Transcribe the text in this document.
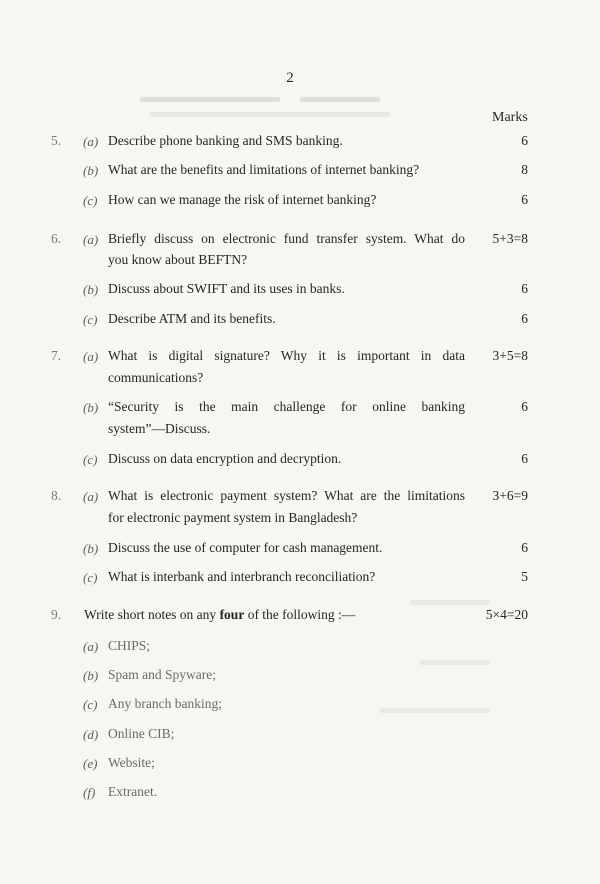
2
Marks
5. (a) Describe phone banking and SMS banking.	6
(b) What are the benefits and limitations of internet banking?	8
(c) How can we manage the risk of internet banking?	6
6. (a) Briefly discuss on electronic fund transfer system. What do
you know about BEFTN?
5+3=8
(b) Discuss about SWIFT and its uses in banks.	6
(c) Describe ATM and its benefits.	6
7. (a) What is digital signature? Why it is important in data
communications?
3+5=8
(b) “Security is the main challenge for online banking
system”—Discuss.
6
(c) Discuss on data encryption and decryption.	6
8. (a) What is electronic payment system? What are the limitations
for electronic payment system in Bangladesh?
3+6=9
(b) Discuss the use of computer for cash management.	6
(c) What is interbank and interbranch reconciliation?	5
9. Write short notes on any four of the following :—	5×4=20
(a) CHIPS;
(b) Spam and Spyware;
(c) Any branch banking;
(d) Online CIB;
(e) Website;
(f) Extranet.
